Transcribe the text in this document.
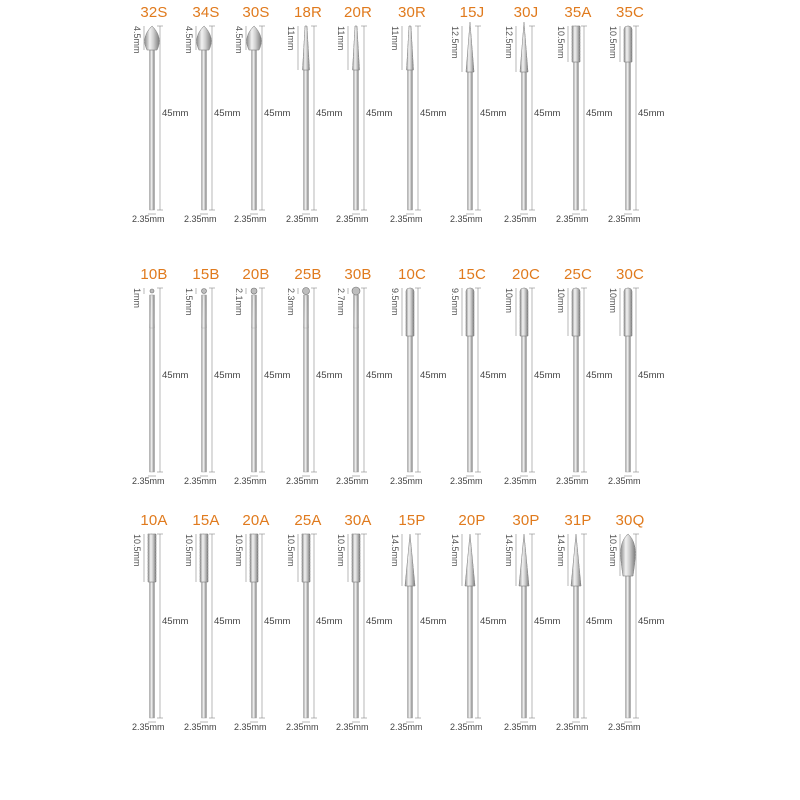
32S
4.5mm
45mm
2.35mm
34S
4.5mm
45mm
2.35mm
30S
4.5mm
45mm
2.35mm
18R
11mm
45mm
2.35mm
20R
11mm
45mm
2.35mm
30R
11mm
45mm
2.35mm
15J
12.5mm
45mm
2.35mm
30J
12.5mm
45mm
2.35mm
35A
10.5mm
45mm
2.35mm
35C
10.5mm
45mm
2.35mm
10B
1mm
45mm
2.35mm
15B
1.5mm
45mm
2.35mm
20B
2.1mm
45mm
2.35mm
25B
2.3mm
45mm
2.35mm
30B
2.7mm
45mm
2.35mm
10C
9.5mm
45mm
2.35mm
15C
9.5mm
45mm
2.35mm
20C
10mm
45mm
2.35mm
25C
10mm
45mm
2.35mm
30C
10mm
45mm
2.35mm
10A
10.5mm
45mm
2.35mm
15A
10.5mm
45mm
2.35mm
20A
10.5mm
45mm
2.35mm
25A
10.5mm
45mm
2.35mm
30A
10.5mm
45mm
2.35mm
15P
14.5mm
45mm
2.35mm
20P
14.5mm
45mm
2.35mm
30P
14.5mm
45mm
2.35mm
31P
14.5mm
45mm
2.35mm
30Q
10.5mm
45mm
2.35mm
